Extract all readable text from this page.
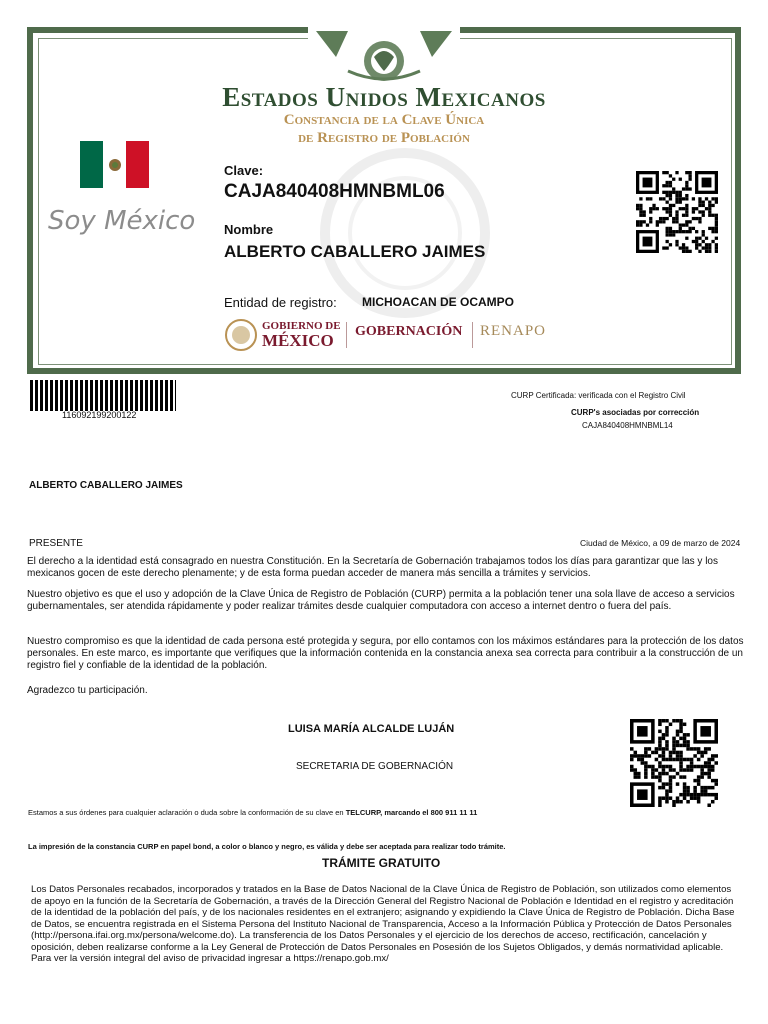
Estados Unidos Mexicanos
Constancia de la Clave Única
de Registro de Población
Soy México
Clave:
CAJA840408HMNBML06
Nombre
ALBERTO CABALLERO JAIMES
Entidad de registro: MICHOACAN DE OCAMPO
GOBIERNO DE
MÉXICO GOBERNACIÓN RENAPO
116092199200122
CURP Certificada: verificada con el Registro Civil
CURP's asociadas por corrección
CAJA840408HMNBML14
ALBERTO CABALLERO JAIMES
PRESENTE	Ciudad de México, a 09 de marzo de 2024
El derecho a la identidad está consagrado en nuestra Constitución. En la Secretaría de Gobernación trabajamos todos los días para garantizar que las y los mexicanos gocen de este derecho plenamente; y de esta forma puedan acceder de manera más sencilla a trámites y servicios.
Nuestro objetivo es que el uso y adopción de la Clave Única de Registro de Población (CURP) permita a la población tener una sola llave de acceso a servicios gubernamentales, ser atendida rápidamente y poder realizar trámites desde cualquier computadora con acceso a internet dentro o fuera del país.
Nuestro compromiso es que la identidad de cada persona esté protegida y segura, por ello contamos con los máximos estándares para la protección de los datos personales. En este marco, es importante que verifiques que la información contenida en la constancia anexa sea correcta para contribuir a la construcción de un registro fiel y confiable de la identidad de la población.
Agradezco tu participación.
LUISA MARÍA ALCALDE LUJÁN
SECRETARIA DE GOBERNACIÓN
Estamos a sus órdenes para cualquier aclaración o duda sobre la conformación de su clave en TELCURP, marcando el 800 911 11 11
La impresión de la constancia CURP en papel bond, a color o blanco y negro, es válida y debe ser aceptada para realizar todo trámite.
TRÁMITE GRATUITO
Los Datos Personales recabados, incorporados y tratados en la Base de Datos Nacional de la Clave Única de Registro de Población, son utilizados como elementos de apoyo en la función de la Secretaría de Gobernación, a través de la Dirección General del Registro Nacional de Población e Identidad en el registro y acreditación de la identidad de la población del país, y de los nacionales residentes en el extranjero; asignando y expidiendo la Clave Única de Registro de Población. Dicha Base de Datos, se encuentra registrada en el Sistema Persona del Instituto Nacional de Transparencia, Acceso a la Información Pública y Protección de Datos Personales (http://persona.ifai.org.mx/persona/welcome.do). La transferencia de los Datos Personales y el ejercicio de los derechos de acceso, rectificación, cancelación y oposición, deben realizarse conforme a la Ley General de Protección de Datos Personales en Posesión de los Sujetos Obligados, y demás normatividad aplicable. Para ver la versión integral del aviso de privacidad ingresar a https://renapo.gob.mx/
